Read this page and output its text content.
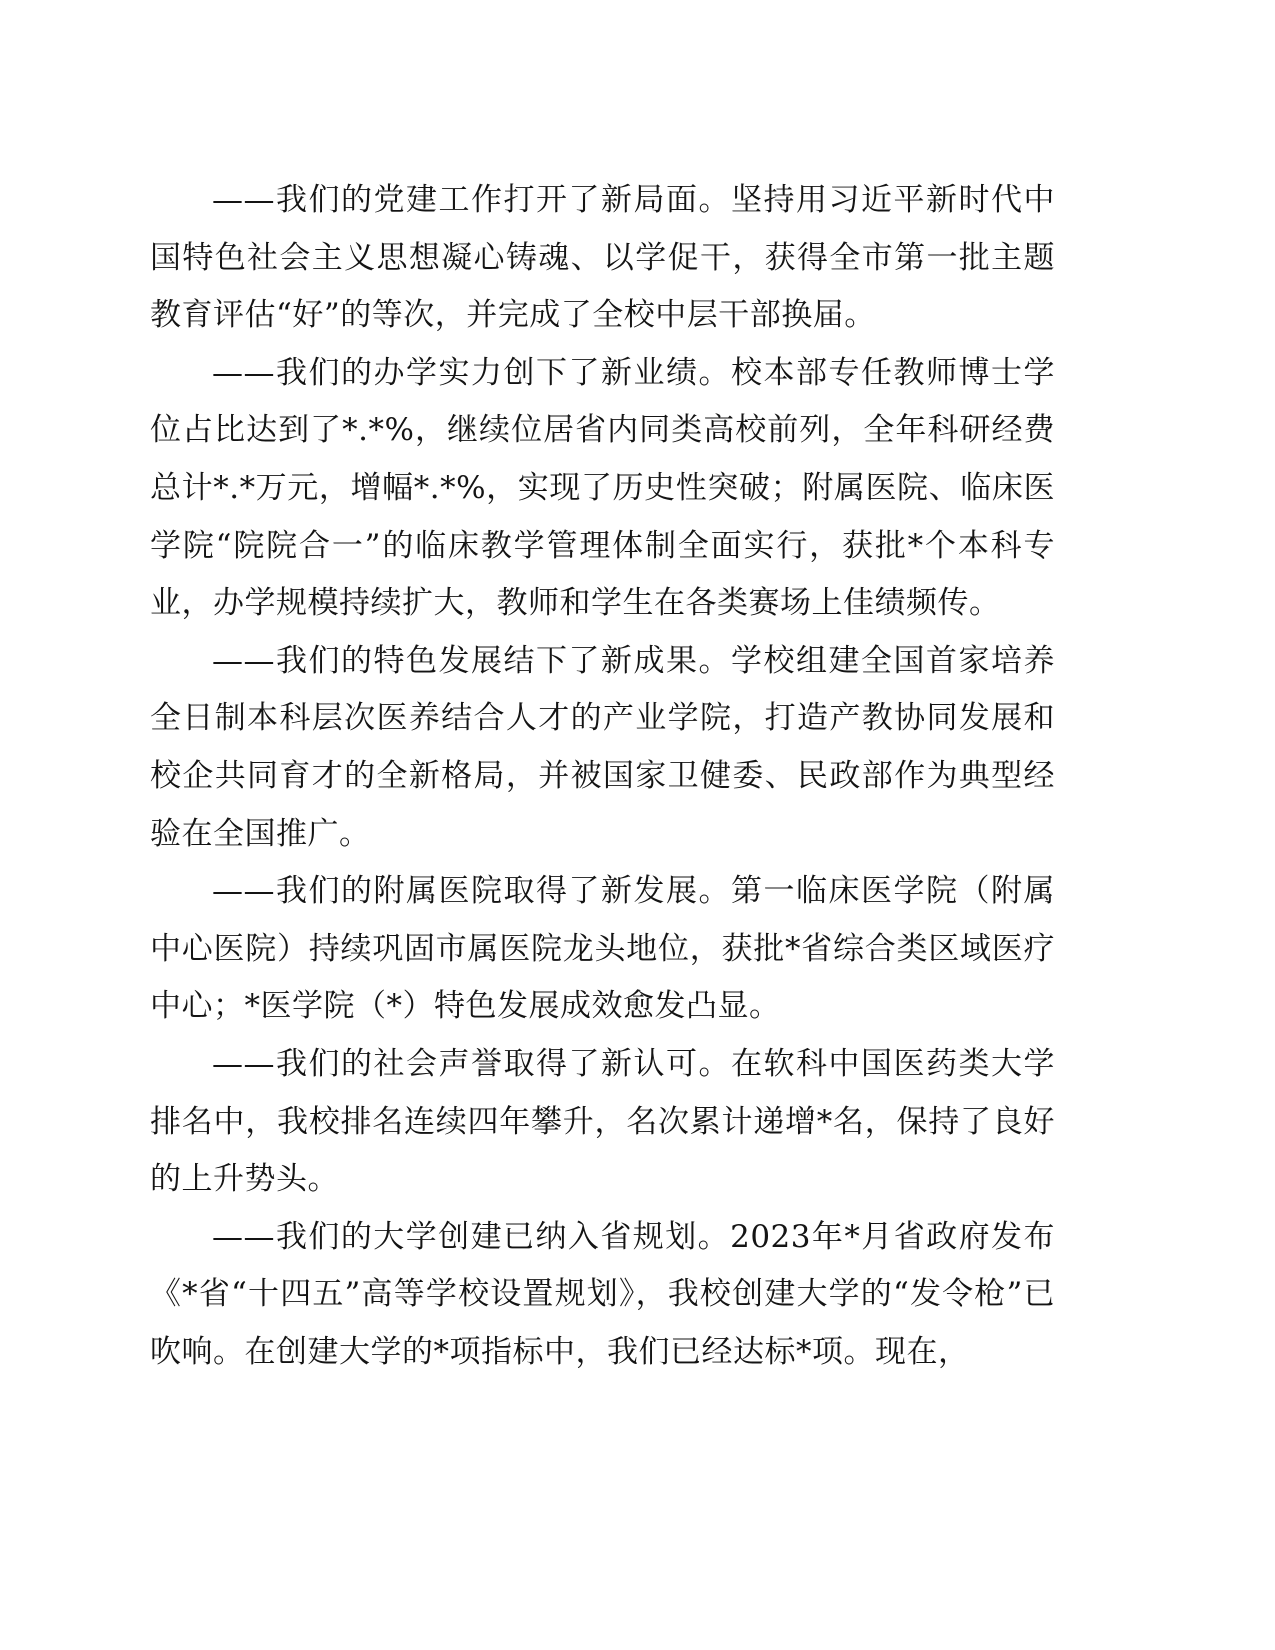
——我们的党建工作打开了新局面。坚持用习近平新时代中国特色社会主义思想凝心铸魂、以学促干，获得全市第一批主题教育评估“好”的等次，并完成了全校中层干部换届。

——我们的办学实力创下了新业绩。校本部专任教师博士学位占比达到了*.*%，继续位居省内同类高校前列，全年科研经费总计*.*万元，增幅*.*%，实现了历史性突破；附属医院、临床医学院“院院合一”的临床教学管理体制全面实行，获批*个本科专业，办学规模持续扩大，教师和学生在各类赛场上佳绩频传。

——我们的特色发展结下了新成果。学校组建全国首家培养全日制本科层次医养结合人才的产业学院，打造产教协同发展和校企共同育才的全新格局，并被国家卫健委、民政部作为典型经验在全国推广。

——我们的附属医院取得了新发展。第一临床医学院（附属中心医院）持续巩固市属医院龙头地位，获批*省综合类区域医疗中心；*医学院（*）特色发展成效愈发凸显。

——我们的社会声誉取得了新认可。在软科中国医药类大学排名中，我校排名连续四年攀升，名次累计递增*名，保持了良好的上升势头。

——我们的大学创建已纳入省规划。2023年*月省政府发布《*省“十四五”高等学校设置规划》，我校创建大学的“发令枪”已吹响。在创建大学的*项指标中，我们已经达标*项。现在，
